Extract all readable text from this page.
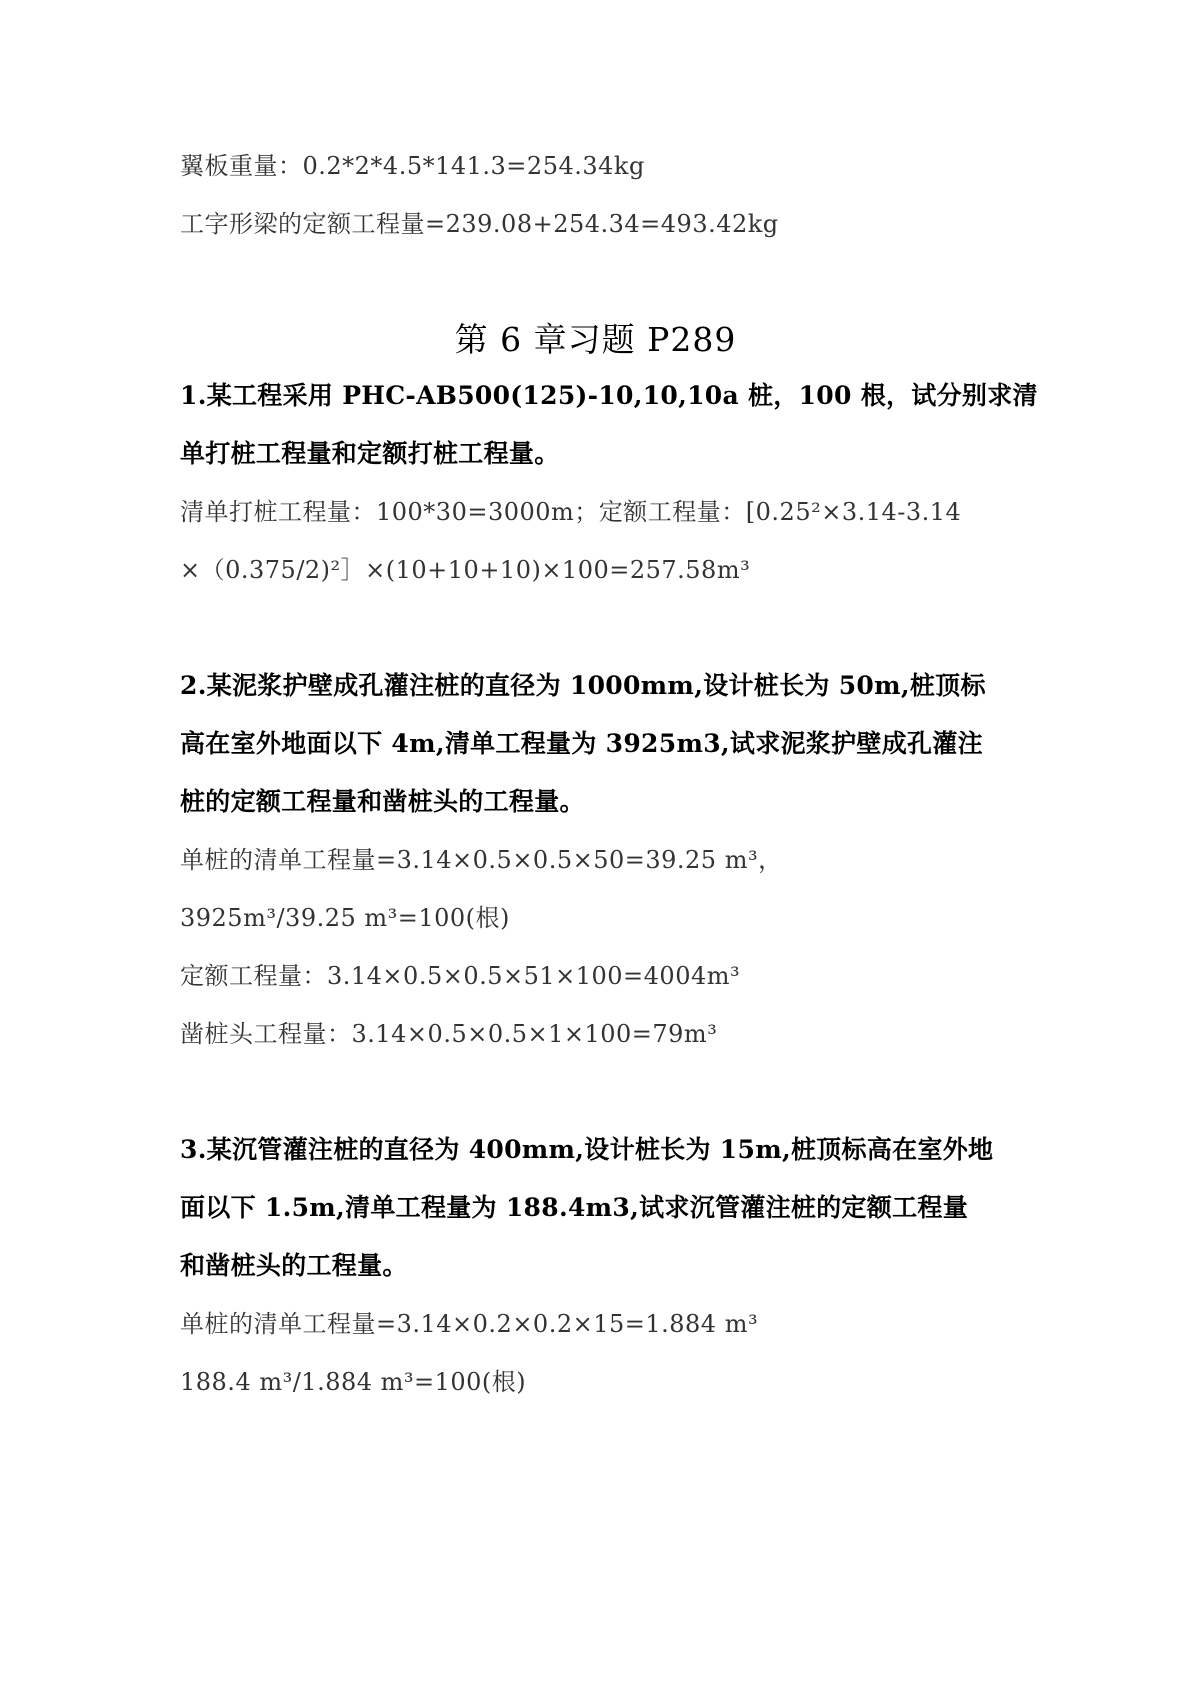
翼板重量：0.2*2*4.5*141.3=254.34kg
工字形梁的定额工程量=239.08+254.34=493.42kg
第 6 章习题 P289
1.某工程采用 PHC-AB500(125)-10,10,10a 桩，100 根，试分别求清
单打桩工程量和定额打桩工程量。
清单打桩工程量：100*30=3000m；定额工程量：[0.25²×3.14-3.14
×（0.375/2)²］×(10+10+10)×100=257.58m³
2.某泥浆护壁成孔灌注桩的直径为 1000mm,设计桩长为 50m,桩顶标
高在室外地面以下 4m,清单工程量为 3925m3,试求泥浆护壁成孔灌注
桩的定额工程量和凿桩头的工程量。
单桩的清单工程量=3.14×0.5×0.5×50=39.25 m³，
3925m³/39.25 m³=100(根)
定额工程量：3.14×0.5×0.5×51×100=4004m³
凿桩头工程量：3.14×0.5×0.5×1×100=79m³
3.某沉管灌注桩的直径为 400mm,设计桩长为 15m,桩顶标高在室外地
面以下 1.5m,清单工程量为 188.4m3,试求沉管灌注桩的定额工程量
和凿桩头的工程量。
单桩的清单工程量=3.14×0.2×0.2×15=1.884 m³
188.4 m³/1.884 m³=100(根)
